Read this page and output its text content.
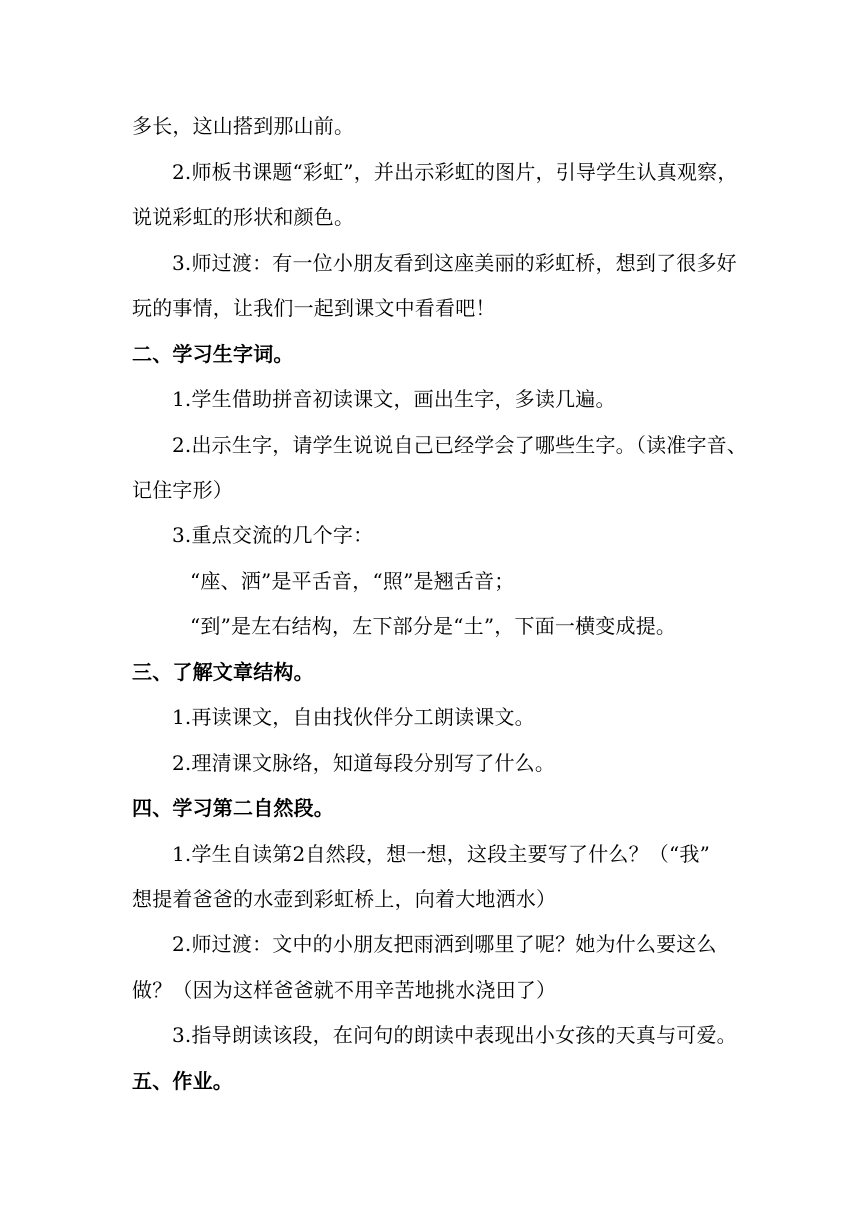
多长，这山搭到那山前。
2.师板书课题“彩虹”，并出示彩虹的图片，引导学生认真观察，
说说彩虹的形状和颜色。
3.师过渡：有一位小朋友看到这座美丽的彩虹桥，想到了很多好
玩的事情，让我们一起到课文中看看吧！
二、学习生字词。
1.学生借助拼音初读课文，画出生字，多读几遍。
2.出示生字，请学生说说自己已经学会了哪些生字。（读准字音、
记住字形）
3.重点交流的几个字：
“座、洒”是平舌音，“照”是翘舌音；
“到”是左右结构，左下部分是“土”，下面一横变成提。
三、了解文章结构。
1.再读课文，自由找伙伴分工朗读课文。
2.理清课文脉络，知道每段分别写了什么。
四、学习第二自然段。
1.学生自读第2自然段，想一想，这段主要写了什么？（“我”
想提着爸爸的水壶到彩虹桥上，向着大地洒水）
2.师过渡：文中的小朋友把雨洒到哪里了呢？她为什么要这么
做？（因为这样爸爸就不用辛苦地挑水浇田了）
3.指导朗读该段，在问句的朗读中表现出小女孩的天真与可爱。
五、作业。
